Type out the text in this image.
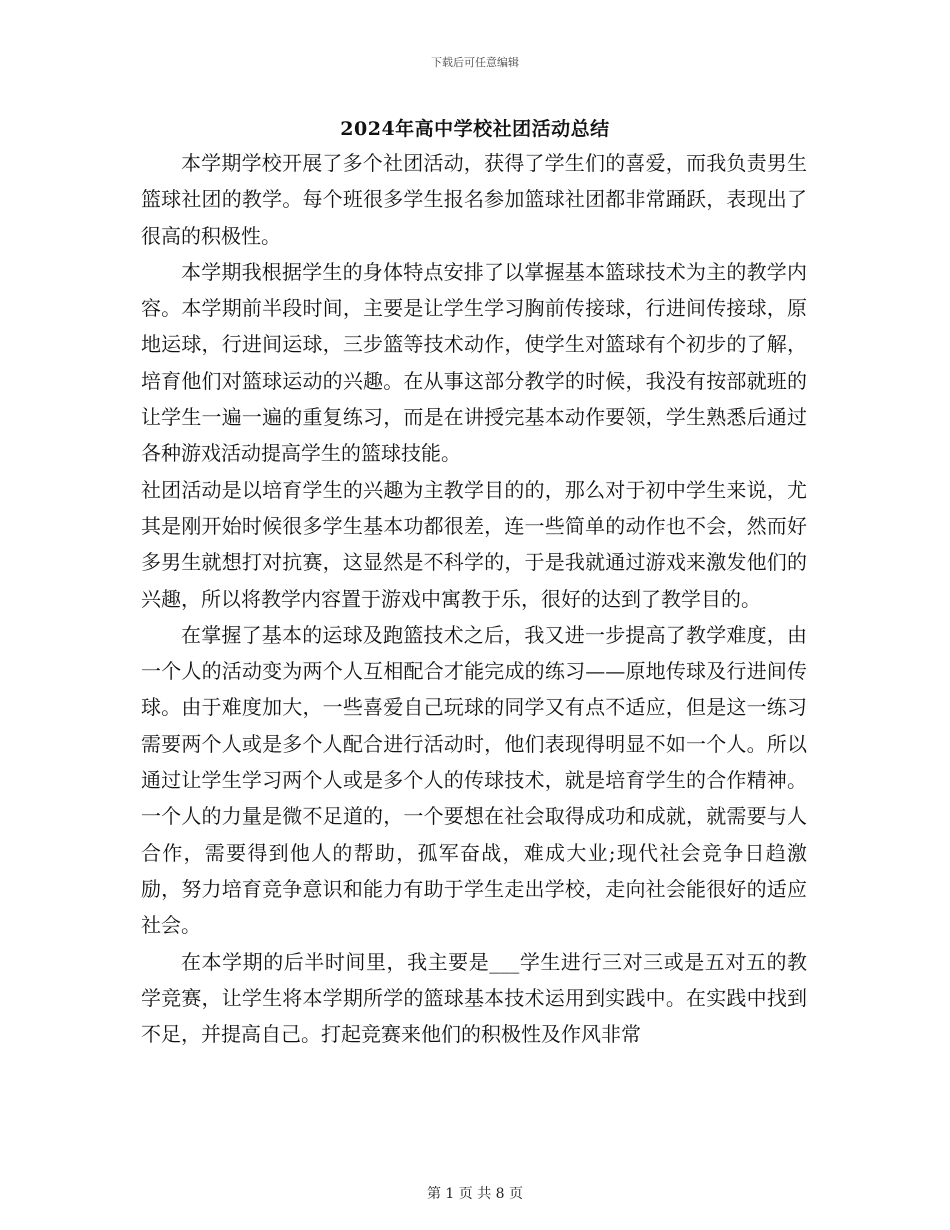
下载后可任意编辑
2024年高中学校社团活动总结

本学期学校开展了多个社团活动，获得了学生们的喜爱，而我负责男生篮球社团的教学。每个班很多学生报名参加篮球社团都非常踊跃，表现出了很高的积极性。

本学期我根据学生的身体特点安排了以掌握基本篮球技术为主的教学内容。本学期前半段时间，主要是让学生学习胸前传接球，行进间传接球，原地运球，行进间运球，三步篮等技术动作，使学生对篮球有个初步的了解，培育他们对篮球运动的兴趣。在从事这部分教学的时候，我没有按部就班的让学生一遍一遍的重复练习，而是在讲授完基本动作要领，学生熟悉后通过各种游戏活动提高学生的篮球技能。

社团活动是以培育学生的兴趣为主教学目的的，那么对于初中学生来说，尤其是刚开始时候很多学生基本功都很差，连一些简单的动作也不会，然而好多男生就想打对抗赛，这显然是不科学的，于是我就通过游戏来激发他们的兴趣，所以将教学内容置于游戏中寓教于乐，很好的达到了教学目的。

在掌握了基本的运球及跑篮技术之后，我又进一步提高了教学难度，由一个人的活动变为两个人互相配合才能完成的练习——原地传球及行进间传球。由于难度加大，一些喜爱自己玩球的同学又有点不适应，但是这一练习需要两个人或是多个人配合进行活动时，他们表现得明显不如一个人。所以通过让学生学习两个人或是多个人的传球技术，就是培育学生的合作精神。一个人的力量是微不足道的，一个要想在社会取得成功和成就，就需要与人合作，需要得到他人的帮助，孤军奋战，难成大业;现代社会竞争日趋激励，努力培育竞争意识和能力有助于学生走出学校，走向社会能很好的适应社会。

在本学期的后半时间里，我主要是___学生进行三对三或是五对五的教学竞赛，让学生将本学期所学的篮球基本技术运用到实践中。在实践中找到不足，并提高自己。打起竞赛来他们的积极性及作风非常

第 1 页 共 8 页
